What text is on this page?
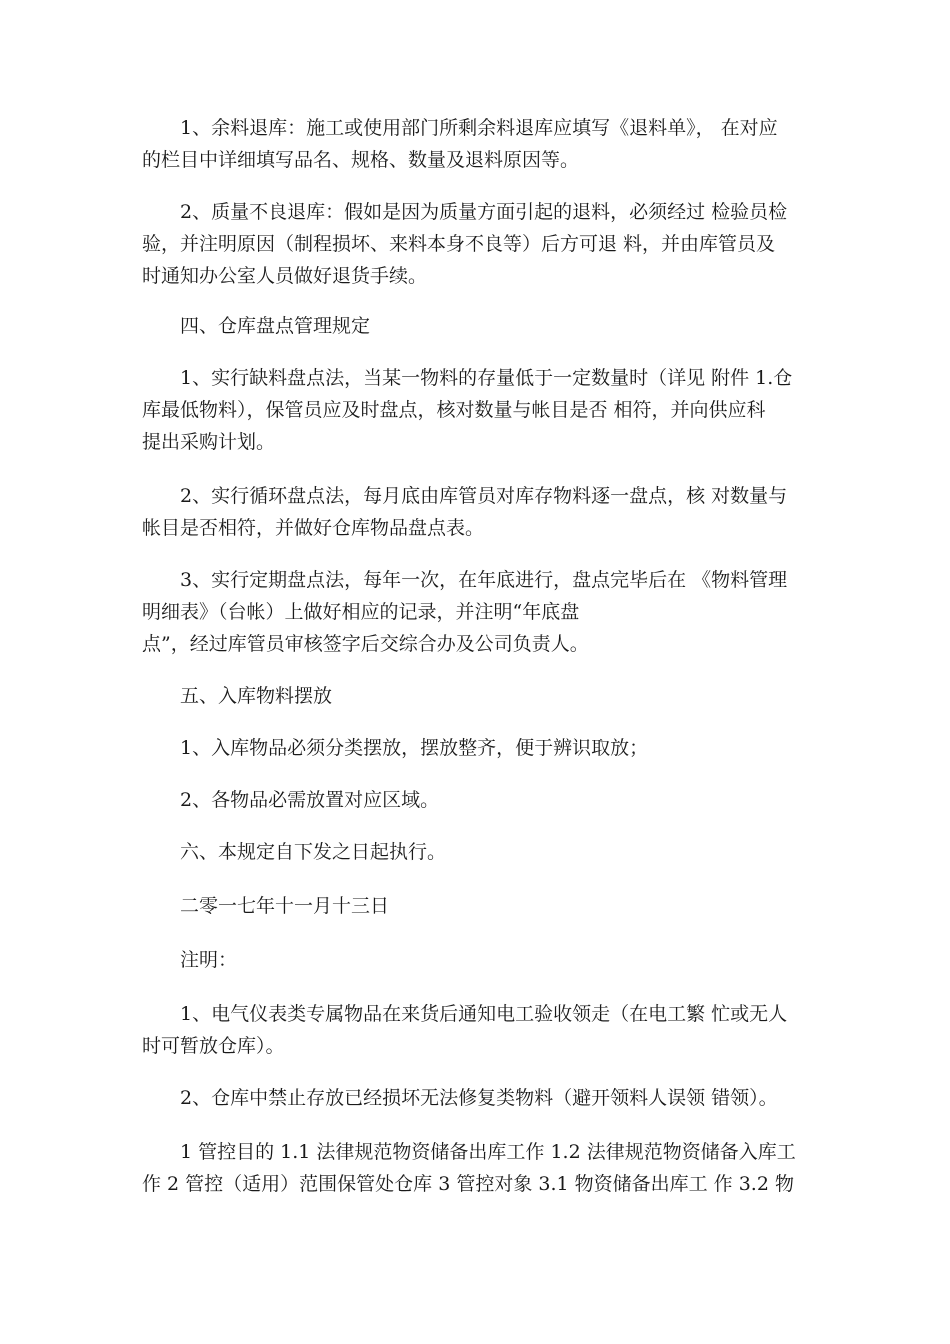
1、余料退库：施工或使用部门所剩余料退库应填写《退料单》， 在对应
的栏目中详细填写品名、规格、数量及退料原因等。

2、质量不良退库：假如是因为质量方面引起的退料，必须经过 检验员检
验，并注明原因（制程损坏、来料本身不良等）后方可退 料，并由库管员及
时通知办公室人员做好退货手续。

四、仓库盘点管理规定

1、实行缺料盘点法，当某一物料的存量低于一定数量时（详见 附件 1.仓
库最低物料），保管员应及时盘点，核对数量与帐目是否 相符，并向供应科
提出采购计划。

2、实行循环盘点法，每月底由库管员对库存物料逐一盘点，核 对数量与
帐目是否相符，并做好仓库物品盘点表。

3、实行定期盘点法，每年一次，在年底进行，盘点完毕后在 《物料管理
明细表》（台帐）上做好相应的记录，并注明“年底盘
点”，经过库管员审核签字后交综合办及公司负责人。

五、入库物料摆放

1、入库物品必须分类摆放，摆放整齐，便于辨识取放；

2、各物品必需放置对应区域。

六、本规定自下发之日起执行。

二零一七年十一月十三日

注明：

1、电气仪表类专属物品在来货后通知电工验收领走（在电工繁 忙或无人
时可暂放仓库）。

2、仓库中禁止存放已经损坏无法修复类物料（避开领料人误领 错领）。

1 管控目的 1.1 法律规范物资储备出库工作 1.2 法律规范物资储备入库工
作 2 管控（适用）范围保管处仓库 3 管控对象 3.1 物资储备出库工 作 3.2 物
